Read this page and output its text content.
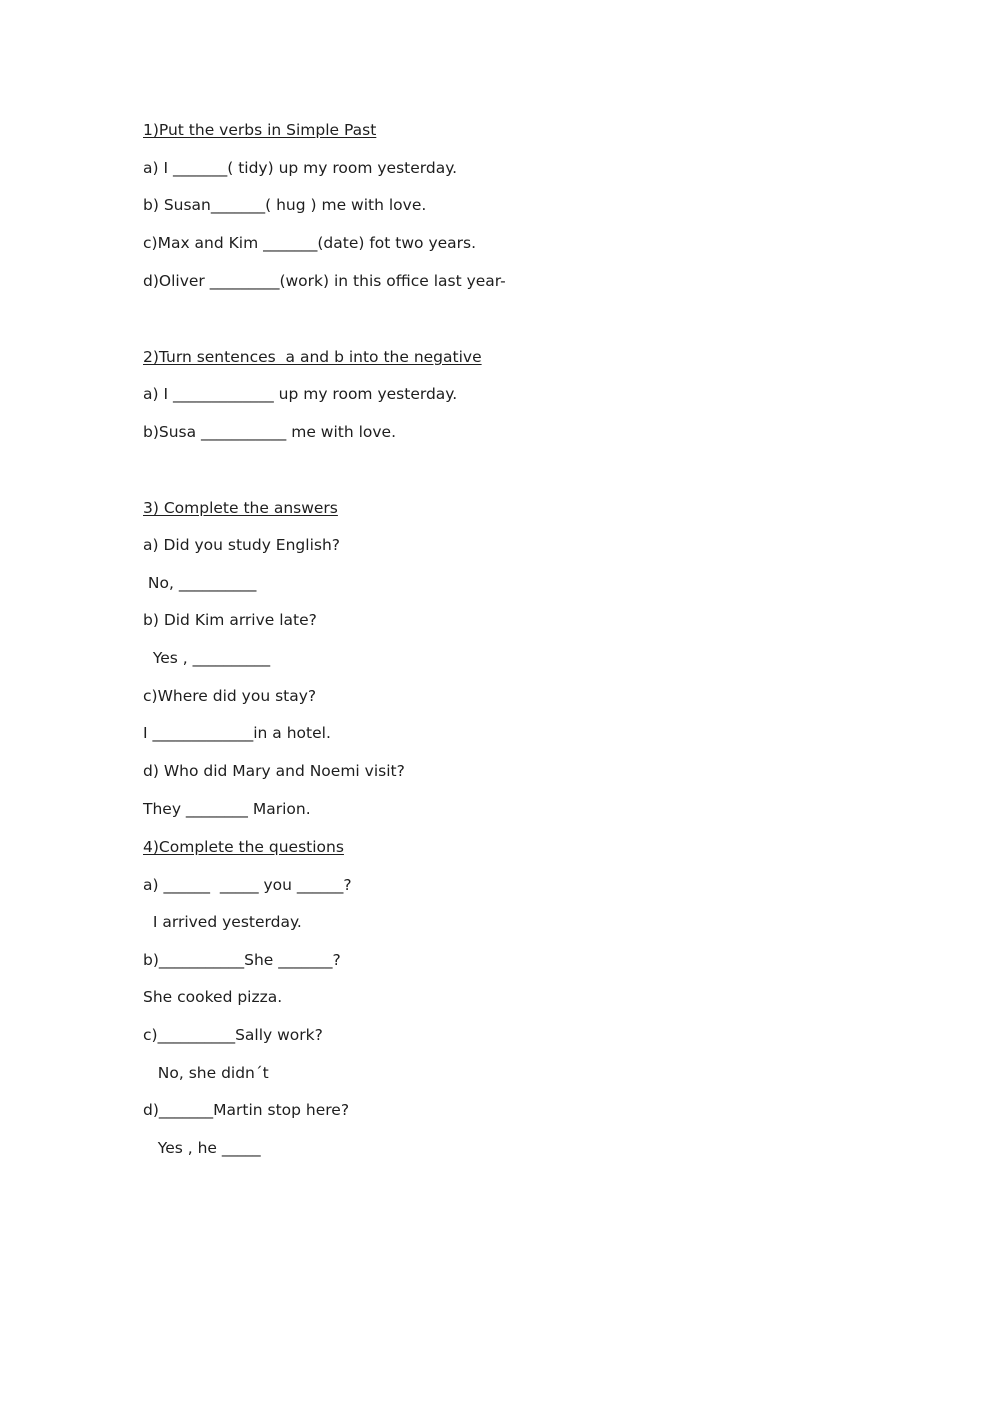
1)Put the verbs in Simple Past

a) I _______( tidy) up my room yesterday.

b) Susan_______( hug ) me with love.

c)Max and Kim _______(date) fot two years.

d)Oliver _________(work) in this office last year-

2)Turn sentences  a and b into the negative

a) I _____________ up my room yesterday.

b)Susa ___________ me with love.

3) Complete the answers

a) Did you study English?

No, __________

b) Did Kim arrive late?

Yes , __________

c)Where did you stay?

I _____________in a hotel.

d) Who did Mary and Noemi visit?

They ________ Marion.

4)Complete the questions

a) ______  _____ you ______?

I arrived yesterday.

b)___________She _______?

She cooked pizza.

c)__________Sally work?

No, she didn´t

d)_______Martin stop here?

Yes , he _____
